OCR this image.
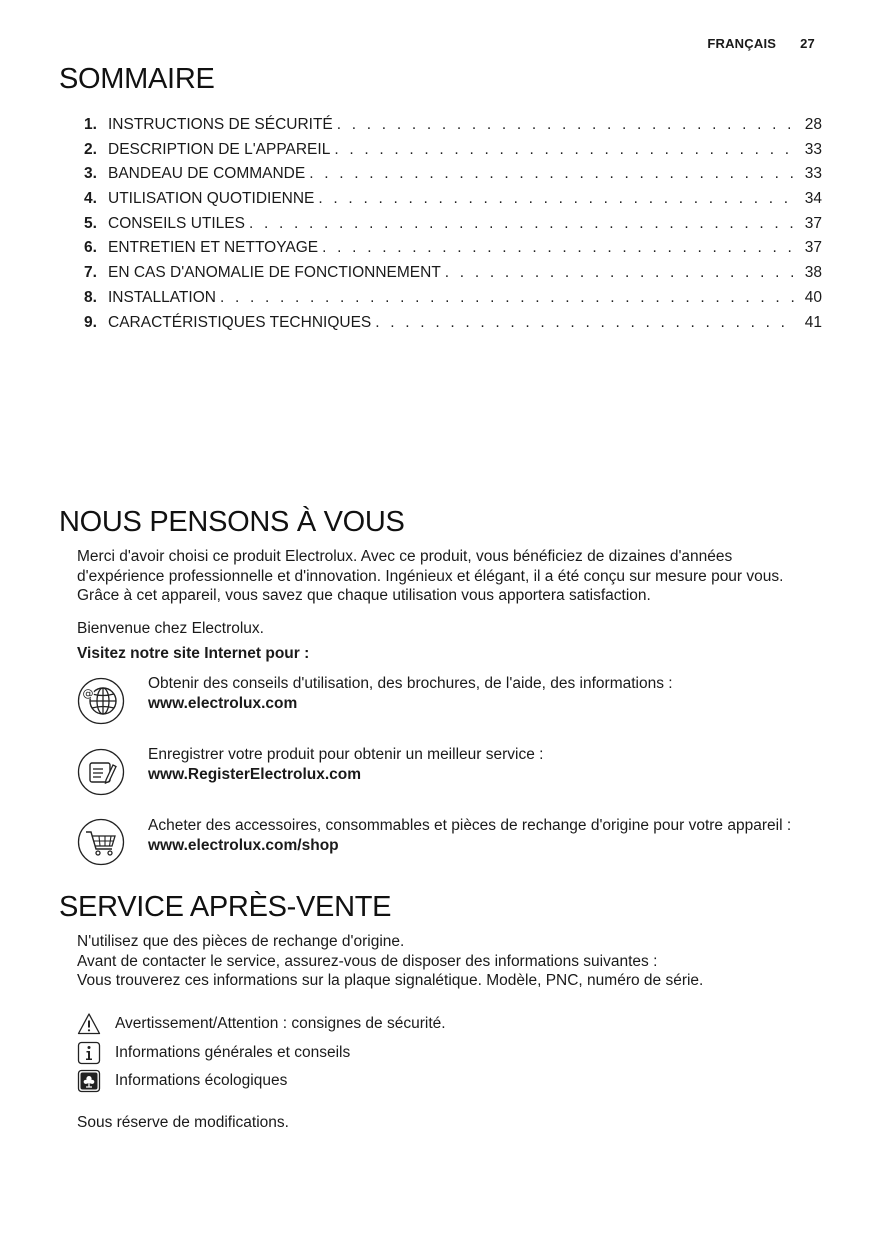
FRANÇAIS 27
SOMMAIRE
1. INSTRUCTIONS DE SÉCURITÉ . . .	28
2. DESCRIPTION DE L'APPAREIL . . .	33
3. BANDEAU DE COMMANDE . . .	33
4. UTILISATION QUOTIDIENNE . . .	34
5. CONSEILS UTILES . . .	37
6. ENTRETIEN ET NETTOYAGE . . .	37
7. EN CAS D'ANOMALIE DE FONCTIONNEMENT . . .	38
8. INSTALLATION . . .	40
9. CARACTÉRISTIQUES TECHNIQUES . . .	41
NOUS PENSONS À VOUS

Merci d'avoir choisi ce produit Electrolux. Avec ce produit, vous bénéficiez de dizaines d'années d'expérience professionnelle et d'innovation. Ingénieux et élégant, il a été conçu sur mesure pour vous. Grâce à cet appareil, vous savez que chaque utilisation vous apportera satisfaction.

Bienvenue chez Electrolux.

Visitez notre site Internet pour :

@
Obtenir des conseils d'utilisation, des brochures, de l'aide, des informations :
www.electrolux.com
Enregistrer votre produit pour obtenir un meilleur service :
www.RegisterElectrolux.com
Acheter des accessoires, consommables et pièces de rechange d'origine pour votre appareil :
www.electrolux.com/shop
SERVICE APRÈS-VENTE
N'utilisez que des pièces de rechange d'origine.
Avant de contacter le service, assurez-vous de disposer des informations suivantes :
Vous trouverez ces informations sur la plaque signalétique. Modèle, PNC, numéro de série.
Avertissement/Attention : consignes de sécurité.
Informations générales et conseils
Informations écologiques

Sous réserve de modifications.
